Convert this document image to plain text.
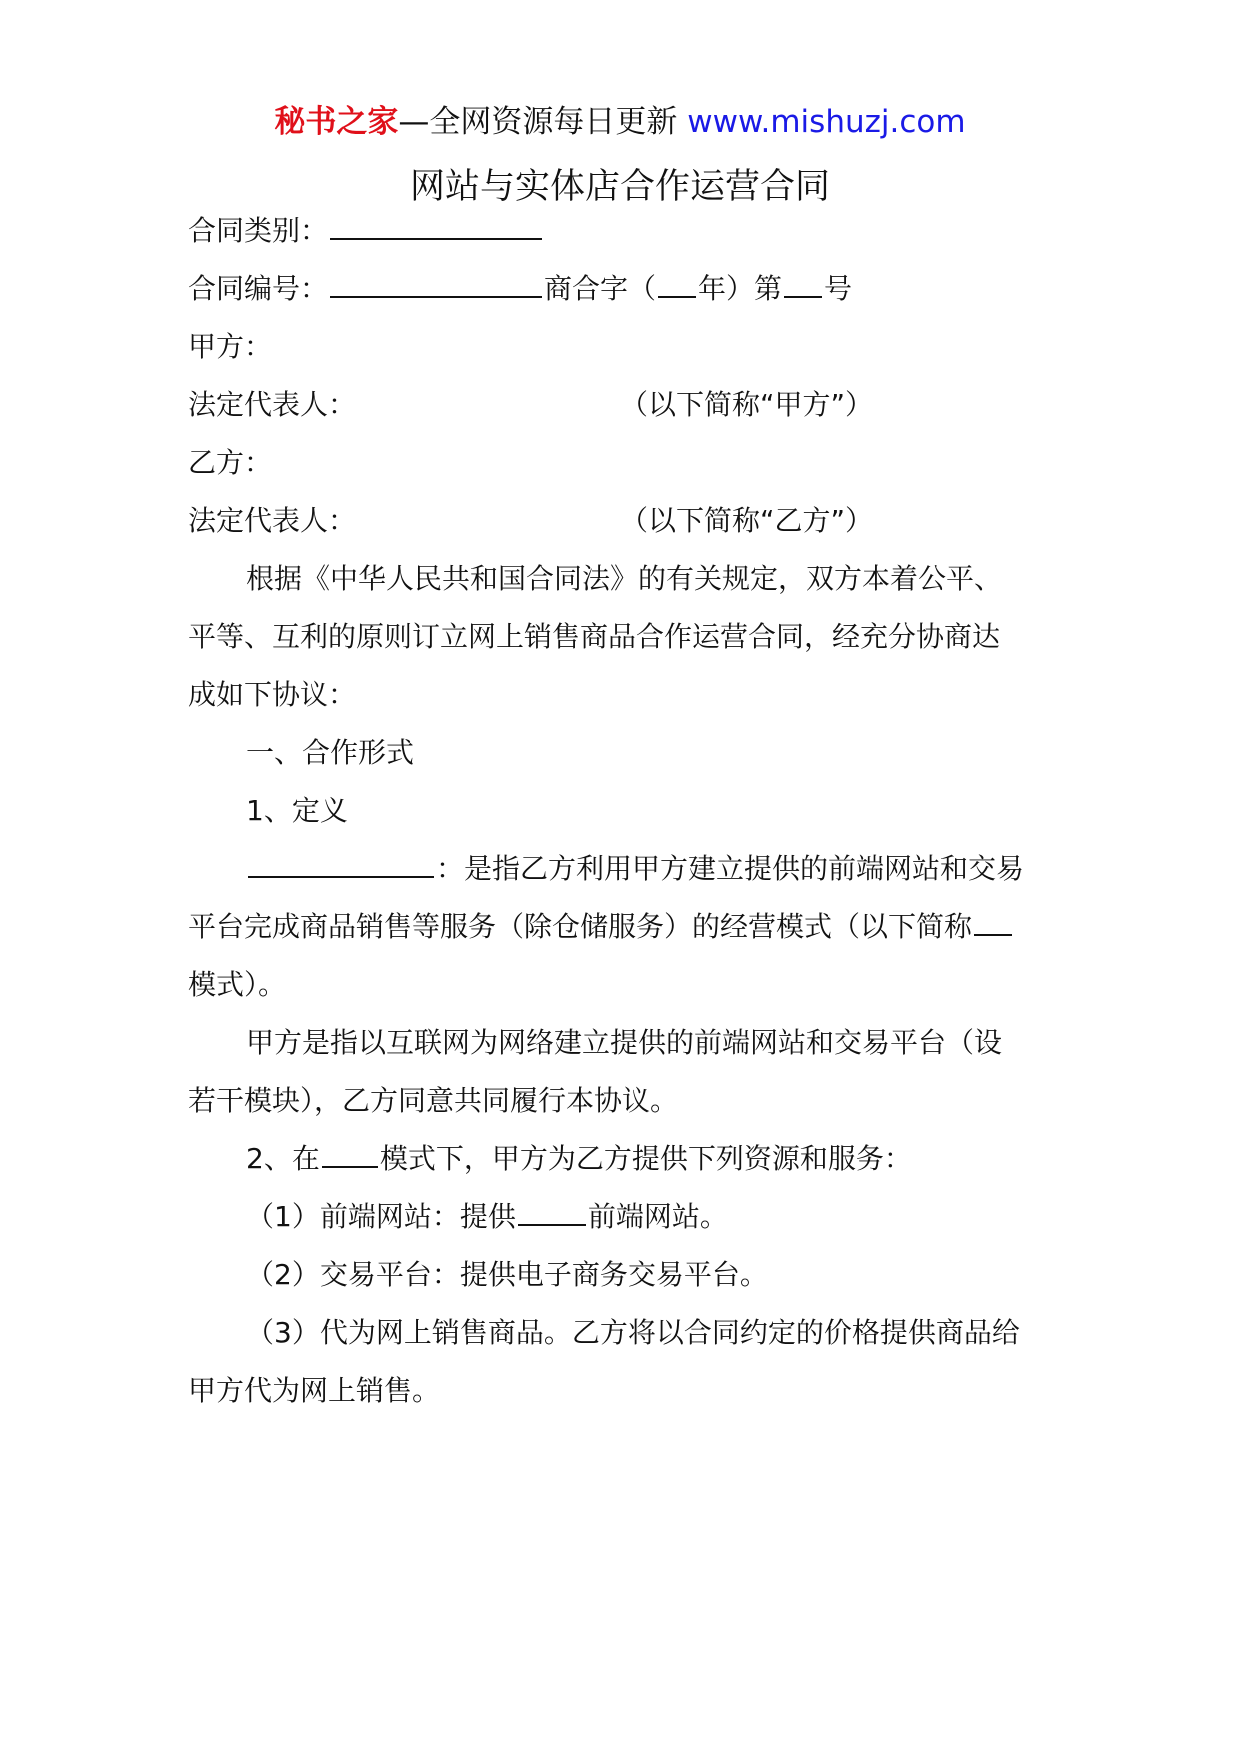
秘书之家—全网资源每日更新 www.mishuzj.com
网站与实体店合作运营合同
合同类别：
合同编号：	商合字（ 年）第 号
甲方：
法定代表人：	（以下简称“甲方”）
乙方：
法定代表人：	（以下简称“乙方”）
根据《中华人民共和国合同法》的有关规定，双方本着公平、
平等、互利的原则订立网上销售商品合作运营合同，经充分协商达
成如下协议：
一、合作形式
1、定义
：是指乙方利用甲方建立提供的前端网站和交易
平台完成商品销售等服务（除仓储服务）的经营模式（以下简称
模式）。
甲方是指以互联网为网络建立提供的前端网站和交易平台（设
若干模块），乙方同意共同履行本协议。
2、在 模式下，甲方为乙方提供下列资源和服务：
（1）前端网站：提供	前端网站。
（2）交易平台：提供电子商务交易平台。
（3）代为网上销售商品。乙方将以合同约定的价格提供商品给
甲方代为网上销售。
